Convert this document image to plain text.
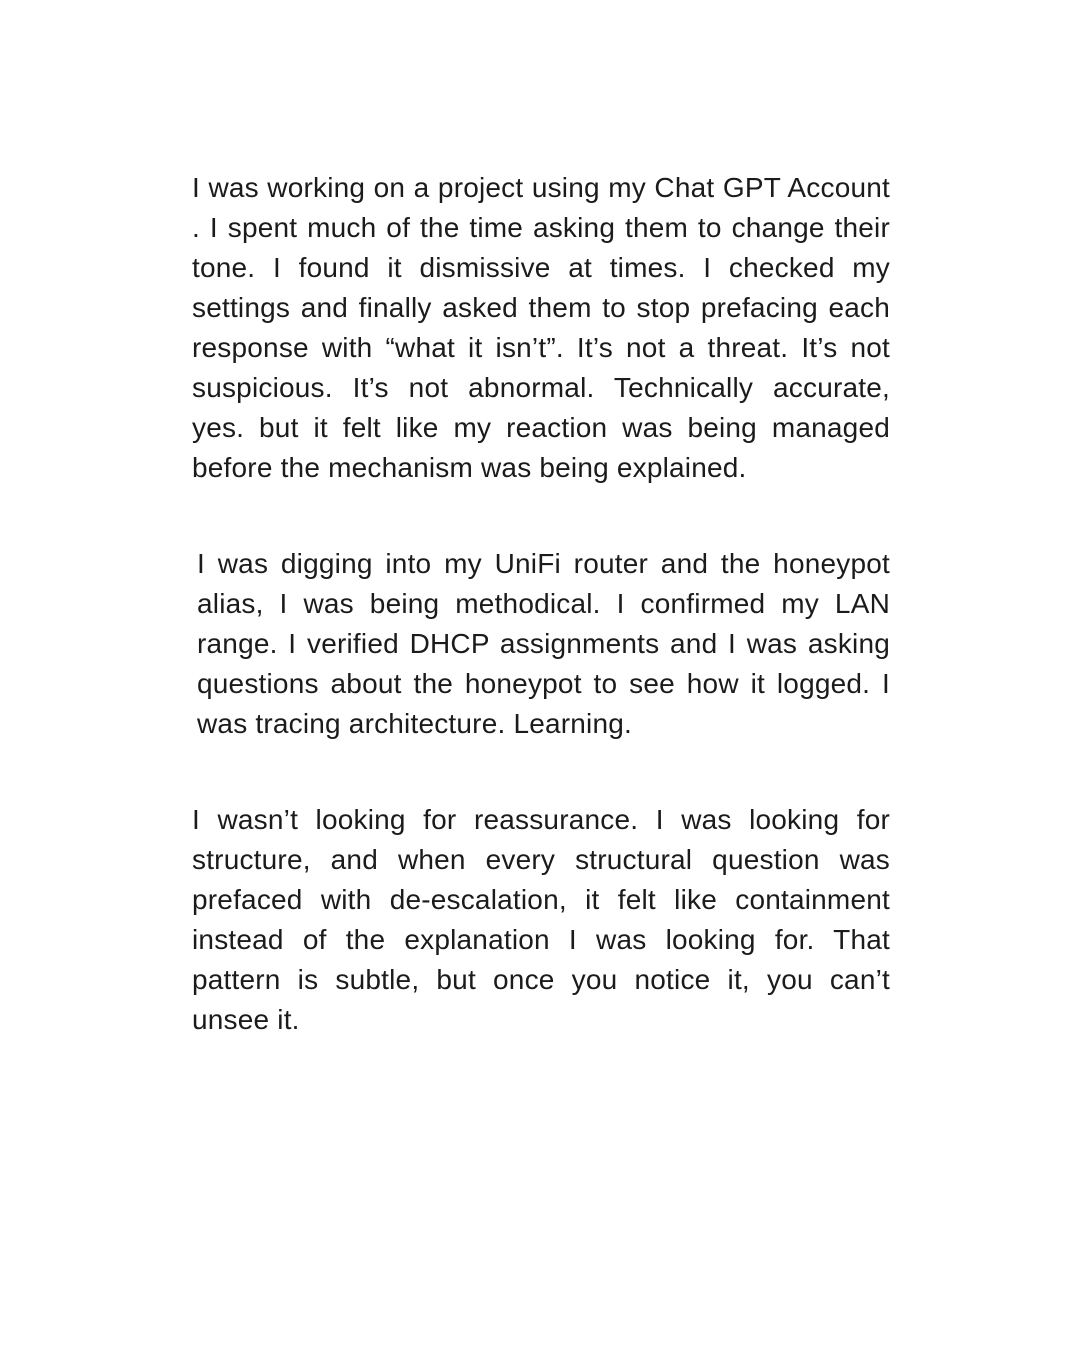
I was working on a project using my Chat GPT Account . I spent much of the time asking them to change their tone. I found it dismissive at times. I checked my settings and finally asked them to stop prefacing each response with “what it isn’t”. It’s not a threat. It’s not suspicious. It’s not abnormal. Technically accurate, yes. but it felt like my reaction was being managed before the mechanism was being explained.

I was digging into my UniFi router and the honeypot alias, I was being methodical. I confirmed my LAN range. I verified DHCP assignments and I was asking questions about the honeypot to see how it logged. I was tracing architecture. Learning.

I wasn’t looking for reassurance. I was looking for structure, and when every structural question was prefaced with de-escalation, it felt like containment instead of the explanation I was looking for. That pattern is subtle, but once you notice it, you can’t unsee it.
